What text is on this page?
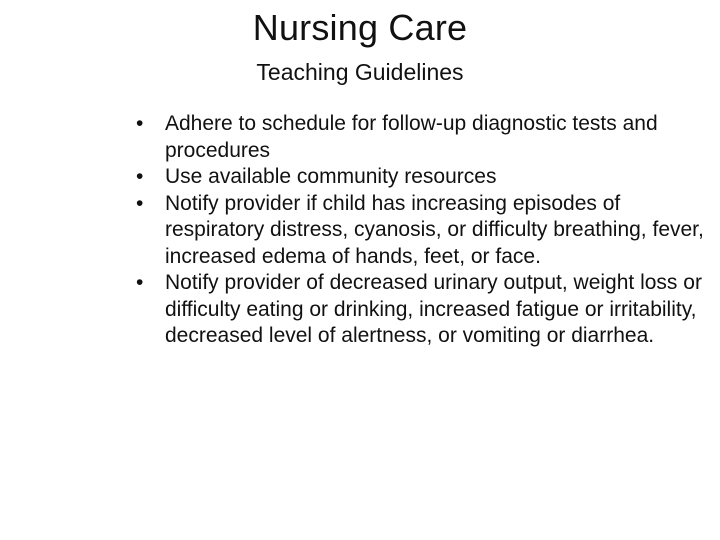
Nursing Care
Teaching Guidelines
•	Adhere to schedule for follow-up diagnostic tests and procedures
•	Use available community resources
•	Notify provider if child has increasing episodes of respiratory distress, cyanosis, or difficulty breathing, fever, increased edema of hands, feet, or face.
•	Notify provider of decreased urinary output, weight loss or difficulty eating or drinking, increased fatigue or irritability, decreased level of alertness, or vomiting or diarrhea.
